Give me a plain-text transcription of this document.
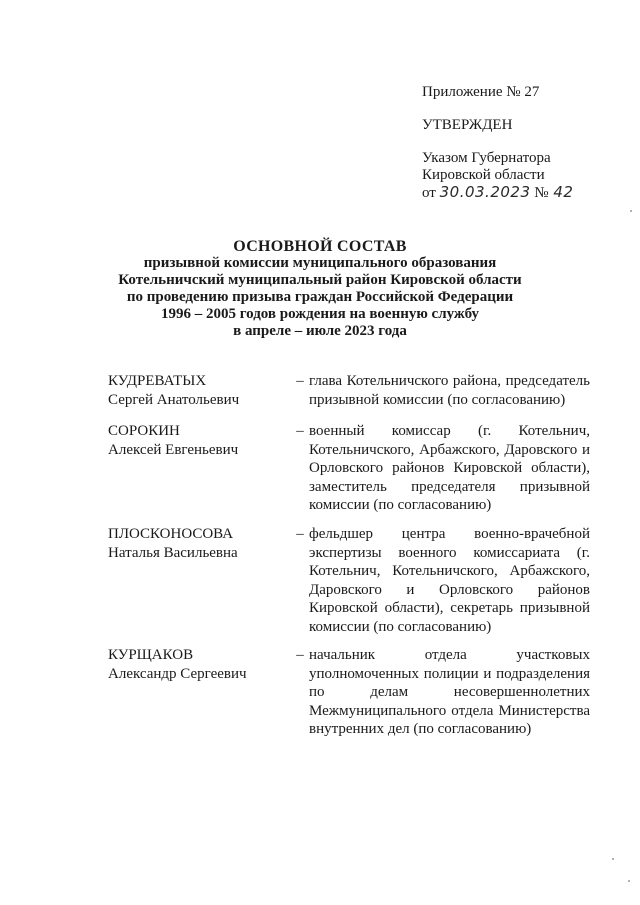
Приложение № 27
УТВЕРЖДЕН
Указом Губернатора
Кировской области
от 30.03.2023 № 42
ОСНОВНОЙ СОСТАВ
призывной комиссии муниципального образования
Котельничский муниципальный район Кировской области
по проведению призыва граждан Российской Федерации
1996 – 2005 годов рождения на военную службу
в апреле – июле 2023 года
КУДРЕВАТЫХ
Сергей Анатольевич
– глава Котельничского района, председатель призывной комиссии (по согласованию)
СОРОКИН
Алексей Евгеньевич
– военный комиссар (г. Котельнич, Котельничского, Арбажского, Даровского и Орловского районов Кировской области), заместитель председателя призывной комиссии (по согласованию)
ПЛОСКОНОСОВА
Наталья Васильевна
– фельдшер центра военно-врачебной экспертизы военного комиссариата (г. Котельнич, Котельничского, Арбажского, Даровского и Орловского районов Кировской области), секретарь призывной комиссии (по согласованию)
КУРЩАКОВ
Александр Сергеевич
– начальник отдела участковых уполномоченных полиции и подразделения по делам несовершеннолетних Межмуниципального отдела Министерства внутренних дел (по согласованию)
